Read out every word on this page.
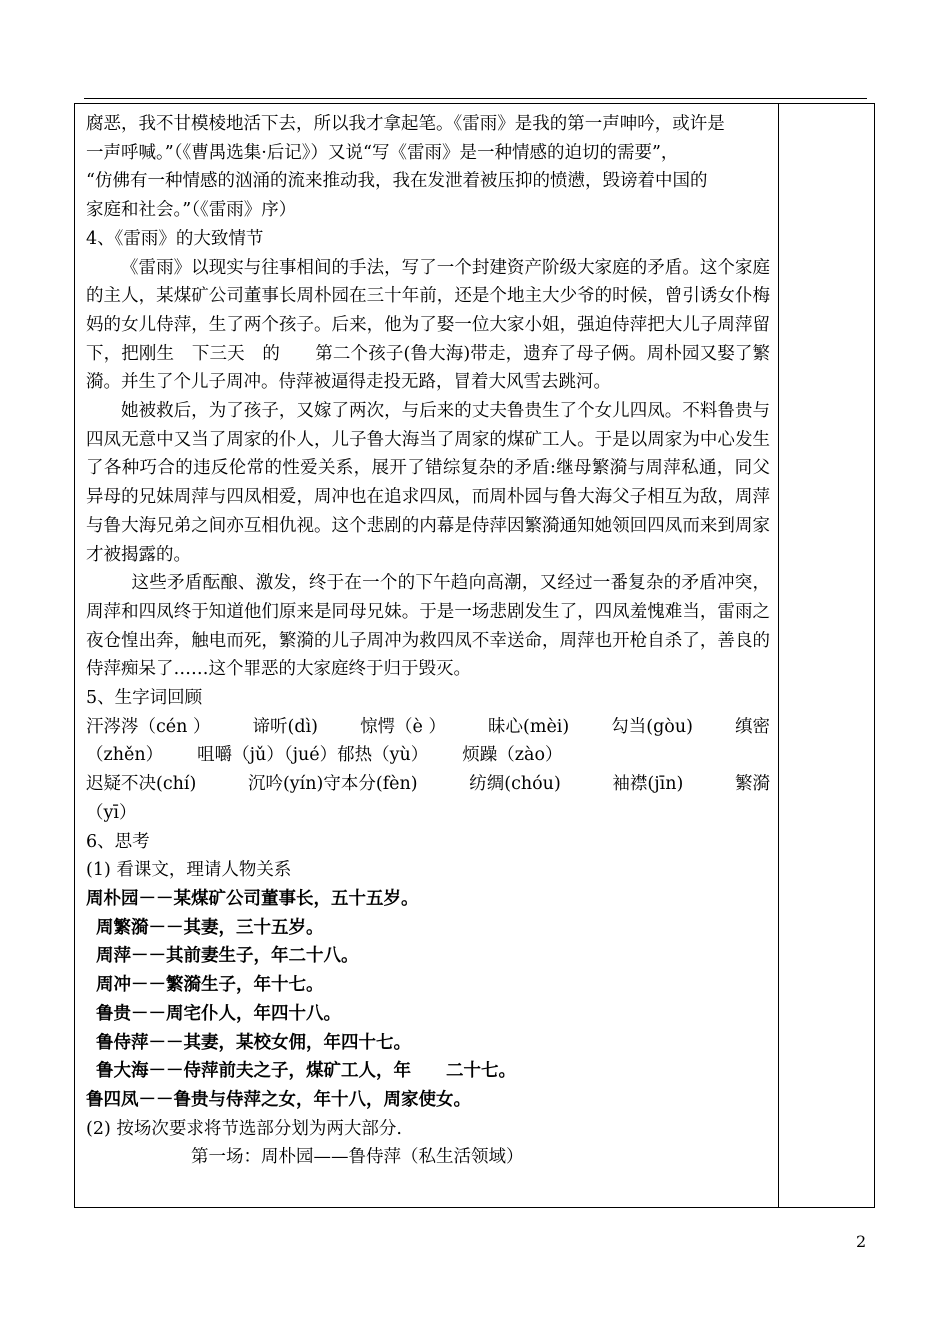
腐恶，我不甘模棱地活下去，所以我才拿起笔。《雷雨》是我的第一声呻吟，或许是

一声呼喊。”（《曹禺选集·后记》）又说“写《雷雨》是一种情感的迫切的需要”，

“仿佛有一种情感的汹涌的流来推动我，我在发泄着被压抑的愤懑，毁谤着中国的

家庭和社会。”（《雷雨》序）

4、《雷雨》的大致情节

《雷雨》以现实与往事相间的手法，写了一个封建资产阶级大家庭的矛盾。这个家庭的主人，某煤矿公司董事长周朴园在三十年前，还是个地主大少爷的时候，曾引诱女仆梅妈的女儿侍萍，生了两个孩子。后来，他为了娶一位大家小姐，强迫侍萍把大儿子周萍留下，把刚生　下三天　的　　第二个孩子(鲁大海)带走，遗弃了母子俩。周朴园又娶了繁漪。并生了个儿子周冲。侍萍被逼得走投无路，冒着大风雪去跳河。

她被救后，为了孩子，又嫁了两次，与后来的丈夫鲁贵生了个女儿四凤。不料鲁贵与四凤无意中又当了周家的仆人，儿子鲁大海当了周家的煤矿工人。于是以周家为中心发生了各种巧合的违反伦常的性爱关系，展开了错综复杂的矛盾:继母繁漪与周萍私通，同父异母的兄妹周萍与四凤相爱，周冲也在追求四凤，而周朴园与鲁大海父子相互为敌，周萍与鲁大海兄弟之间亦互相仇视。这个悲剧的内幕是侍萍因繁漪通知她领回四凤而来到周家才被揭露的。

这些矛盾酝酿、激发，终于在一个的下午趋向高潮，又经过一番复杂的矛盾冲突，周萍和四凤终于知道他们原来是同母兄妹。于是一场悲剧发生了，四凤羞愧难当，雷雨之夜仓惶出奔，触电而死，繁漪的儿子周冲为救四凤不幸送命，周萍也开枪自杀了，善良的侍萍痴呆了……这个罪恶的大家庭终于归于毁灭。

5、生字词回顾

汗涔涔（cén ） 谛听(dì) 惊愕（è ） 昧心(mèi) 勾当(gòu) 缜密
（zhěn） 咀嚼（jǔ）（jué）郁热（yù） 烦躁（zào）
迟疑不决(chí)	沉吟(yín)守本分(fèn)	纺绸(chóu)	袖襟(jīn)	繁漪

（yī）

6、思考

(1) 看课文，理请人物关系

周朴园－－某煤矿公司董事长，五十五岁。

周繁漪－－其妻，三十五岁。

周萍－－其前妻生子，年二十八。

周冲－－繁漪生子，年十七。

鲁贵－－周宅仆人，年四十八。

鲁侍萍－－其妻，某校女佣，年四十七。

鲁大海－－侍萍前夫之子，煤矿工人，年　　二十七。

鲁四凤－－鲁贵与侍萍之女，年十八，周家使女。

(2) 按场次要求将节选部分划为两大部分.

第一场：周朴园——鲁侍萍（私生活领域）

2
